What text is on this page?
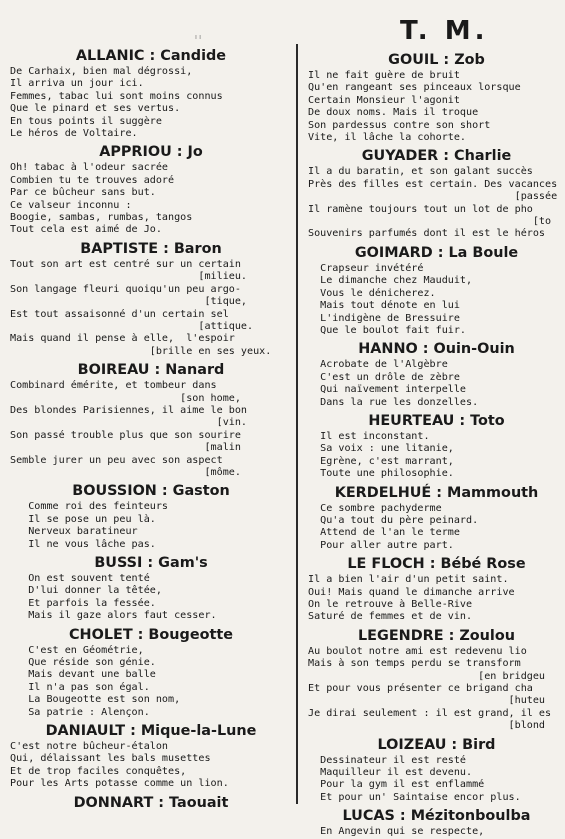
ı ı
ALLANIC : Candide
De Carhaix, bien mal dégrossi,
Il arriva un jour ici.
Femmes, tabac lui sont moins connus
Que le pinard et ses vertus.
En tous points il suggère
Le héros de Voltaire.
APPRIOU : Jo
Oh! tabac à l'odeur sacrée
Combien tu te trouves adoré
Par ce bûcheur sans but.
Ce valseur inconnu :
Boogie, sambas, rumbas, tangos
Tout cela est aimé de Jo.
BAPTISTE : Baron
Tout son art est centré sur un certain
[milieu.
Son langage fleuri quoiqu'un peu argo-
[tique,
Est tout assaisonné d'un certain sel
[attique.
Mais quand il pense à elle,  l'espoir
[brille en ses yeux.
BOIREAU : Nanard
Combinard émérite, et tombeur dans
[son home,
Des blondes Parisiennes, il aime le bon
[vin.
Son passé trouble plus que son sourire
[malin
Semble jurer un peu avec son aspect
[môme.
BOUSSION : Gaston
Comme roi des feinteurs
Il se pose un peu là.
Nerveux baratineur
Il ne vous lâche pas.
BUSSI : Gam's
On est souvent tenté
D'lui donner la têtée,
Et parfois la fessée.
Mais il gaze alors faut cesser.
CHOLET : Bougeotte
C'est en Géométrie,
Que réside son génie.
Mais devant une balle
Il n'a pas son égal.
La Bougeotte est son nom,
Sa patrie : Alençon.
DANIAULT : Mique-la-Lune
C'est notre bûcheur-étalon
Qui, délaissant les bals musettes
Et de trop faciles conquêtes,
Pour les Arts potasse comme un lion.
DONNART : Taouait
T. M.
GOUIL : Zob
Il ne fait guère de bruit
Qu'en rangeant ses pinceaux lorsque
Certain Monsieur l'agonit
De doux noms. Mais il troque
Son pardessus contre son short
Vite, il lâche la cohorte.
GUYADER : Charlie
Il a du baratin, et son galant succès
Près des filles est certain. Des vacances
[passée
Il ramène toujours tout un lot de pho
[to
Souvenirs parfumés dont il est le héros
GOIMARD : La Boule
Crapseur invétéré
Le dimanche chez Mauduit,
Vous le dénicherez.
Mais tout dénote en lui
L'indigène de Bressuire
Que le boulot fait fuir.
HANNO : Ouin-Ouin
Acrobate de l'Algèbre
C'est un drôle de zèbre
Qui naïvement interpelle
Dans la rue les donzelles.
HEURTEAU : Toto
Il est inconstant.
Sa voix : une litanie,
Egrène, c'est marrant,
Toute une philosophie.
KERDELHUÉ : Mammouth
Ce sombre pachyderme
Qu'a tout du père peinard.
Attend de l'an le terme
Pour aller autre part.
LE FLOCH : Bébé Rose
Il a bien l'air d'un petit saint.
Oui! Mais quand le dimanche arrive
On le retrouve à Belle-Rive
Saturé de femmes et de vin.
LEGENDRE : Zoulou
Au boulot notre ami est redevenu lio
Mais à son temps perdu se transform
[en bridgeu
Et pour vous présenter ce brigand cha
[huteu
Je dirai seulement : il est grand, il es
[blond
LOIZEAU : Bird
Dessinateur il est resté
Maquilleur il est devenu.
Pour la gym il est enflammé
Et pour un' Saintaise encor plus.
LUCAS : Mézitonboulba
En Angevin qui se respecte,
